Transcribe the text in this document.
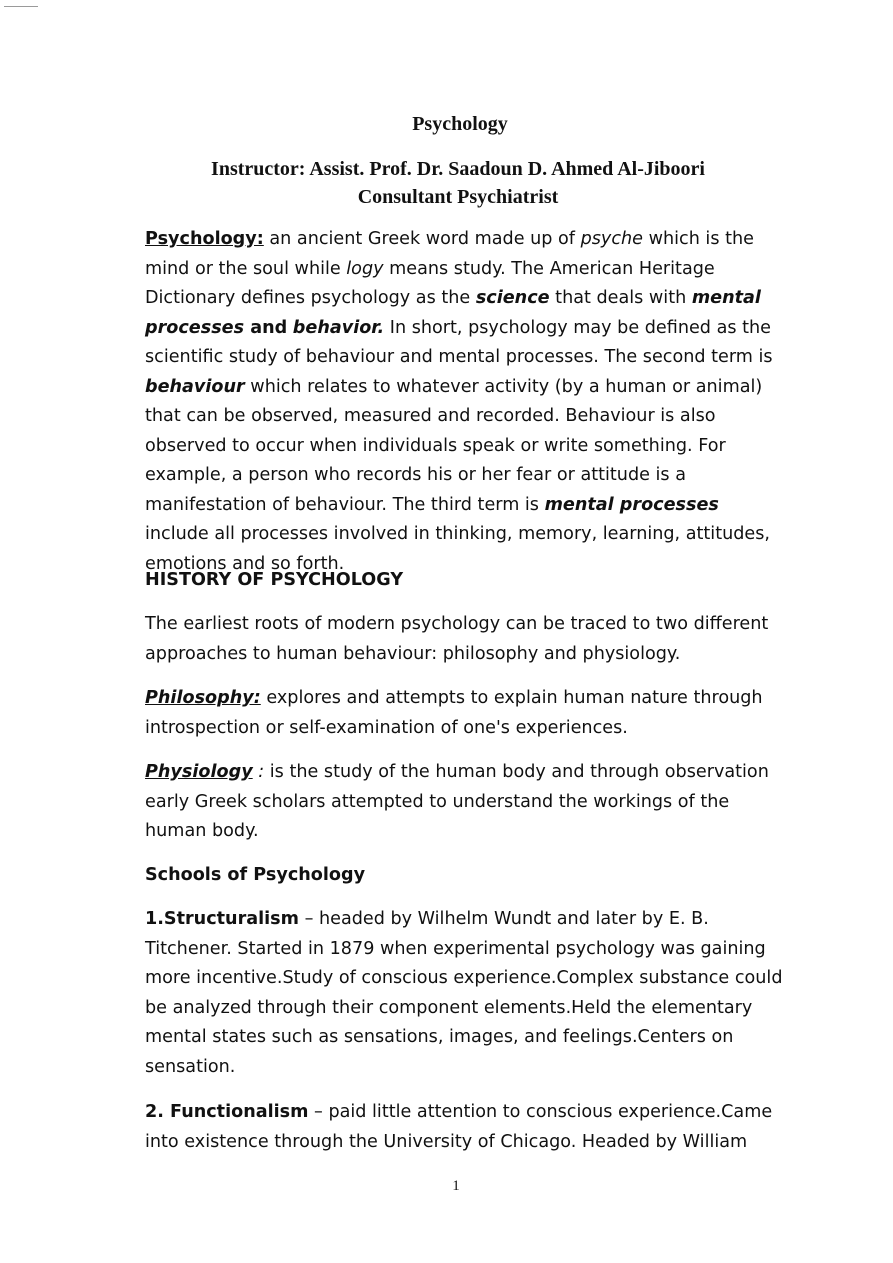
Psychology
Instructor: Assist. Prof. Dr. Saadoun D. Ahmed Al-Jiboori
Consultant Psychiatrist

Psychology: an ancient Greek word made up of psyche which is the mind or the soul while logy means study. The American Heritage Dictionary defines psychology as the science that deals with mental processes and behavior. In short, psychology may be defined as the scientific study of behaviour and mental processes. The second term is behaviour which relates to whatever activity (by a human or animal) that can be observed, measured and recorded. Behaviour is also observed to occur when individuals speak or write something. For example, a person who records his or her fear or attitude is a manifestation of behaviour. The third term is mental processes include all processes involved in thinking, memory, learning, attitudes, emotions and so forth.

HISTORY OF PSYCHOLOGY

The earliest roots of modern psychology can be traced to two different approaches to human behaviour: philosophy and physiology.

Philosophy: explores and attempts to explain human nature through introspection or self-examination of one's experiences.

Physiology : is the study of the human body and through observation early Greek scholars attempted to understand the workings of the human body.

Schools of Psychology

1.Structuralism – headed by Wilhelm Wundt and later by E. B. Titchener. Started in 1879 when experimental psychology was gaining more incentive.Study of conscious experience.Complex substance could be analyzed through their component elements.Held the elementary mental states such as sensations, images, and feelings.Centers on sensation.

2. Functionalism – paid little attention to conscious experience.Came into existence through the University of Chicago. Headed by William

1
